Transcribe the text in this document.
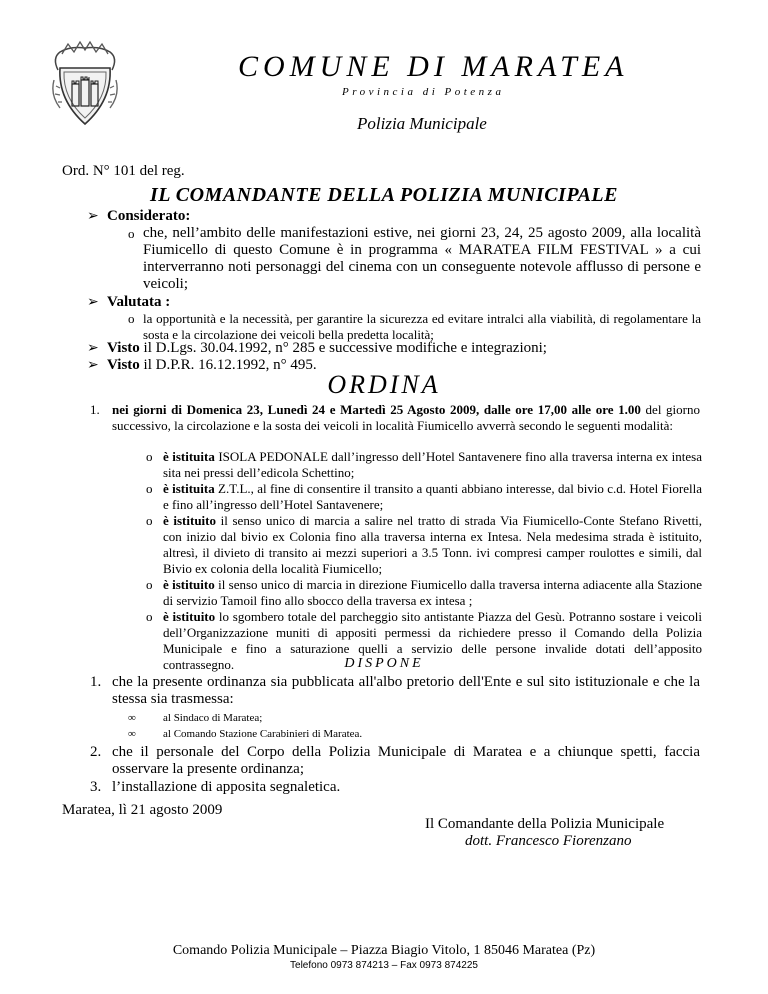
COMUNE DI MARATEA
Provincia di Potenza
Polizia Municipale
Ord. N° 101 del reg.
IL COMANDANTE DELLA POLIZIA MUNICIPALE
➢ Considerato:
o che, nell’ambito delle manifestazioni estive, nei giorni 23, 24, 25 agosto 2009, alla località Fiumicello di questo Comune è in programma « MARATEA FILM FESTIVAL » a cui interverranno noti personaggi del cinema con un conseguente notevole afflusso di persone e veicoli;
➢ Valutata :
o la opportunità e la necessità, per garantire la sicurezza ed evitare intralci alla viabilità, di regolamentare la sosta e la circolazione dei veicoli bella predetta località;
➢ Visto il D.Lgs. 30.04.1992, n° 285 e successive modifiche e integrazioni;
➢ Visto il D.P.R. 16.12.1992, n° 495.
ORDINA
1. nei giorni di Domenica 23, Lunedì 24 e Martedì 25 Agosto 2009, dalle ore 17,00 alle ore 1.00 del giorno successivo, la circolazione e la sosta dei veicoli in località Fiumicello avverrà secondo le seguenti modalità:
o è istituita ISOLA PEDONALE dall’ingresso dell’Hotel Santavenere fino alla traversa interna ex intesa sita nei pressi dell’edicola Schettino;
o è istituita Z.T.L., al fine di consentire il transito a quanti abbiano interesse, dal bivio c.d. Hotel Fiorella e fino all’ingresso dell’Hotel Santavenere;
o è istituito il senso unico di marcia a salire nel tratto di strada Via Fiumicello-Conte Stefano Rivetti, con inizio dal bivio ex Colonia fino alla traversa interna ex Intesa. Nela medesima strada è istituito, altresì, il divieto di transito ai mezzi superiori a 3.5 Tonn. ivi compresi camper roulottes e simili, dal Bivio ex colonia della località Fiumicello;
o è istituito il senso unico di marcia in direzione Fiumicello dalla traversa interna adiacente alla Stazione di servizio Tamoil fino allo sbocco della traversa ex intesa ;
o è istituito lo sgombero totale del parcheggio sito antistante Piazza del Gesù. Potranno sostare i veicoli dell’Organizzazione muniti di appositi permessi da richiedere presso il Comando della Polizia Municipale e fino a saturazione quelli a servizio delle persone invalide dotati dell’apposito contrassegno.	DISPONE
1. che la presente ordinanza sia pubblicata all'albo pretorio dell'Ente e sul sito istituzionale e che la stessa sia trasmessa:
∞ al Sindaco di Maratea;
∞ al Comando Stazione Carabinieri di Maratea.
2. che il personale del Corpo della Polizia Municipale di Maratea e a chiunque spetti, faccia osservare la presente ordinanza;
3. l’installazione di apposita segnaletica.
Maratea, lì 21 agosto 2009
Il Comandante della Polizia Municipale
dott. Francesco Fiorenzano
Comando Polizia Municipale – Piazza Biagio Vitolo, 1 85046 Maratea (Pz)
Telefono 0973 874213 – Fax 0973 874225
